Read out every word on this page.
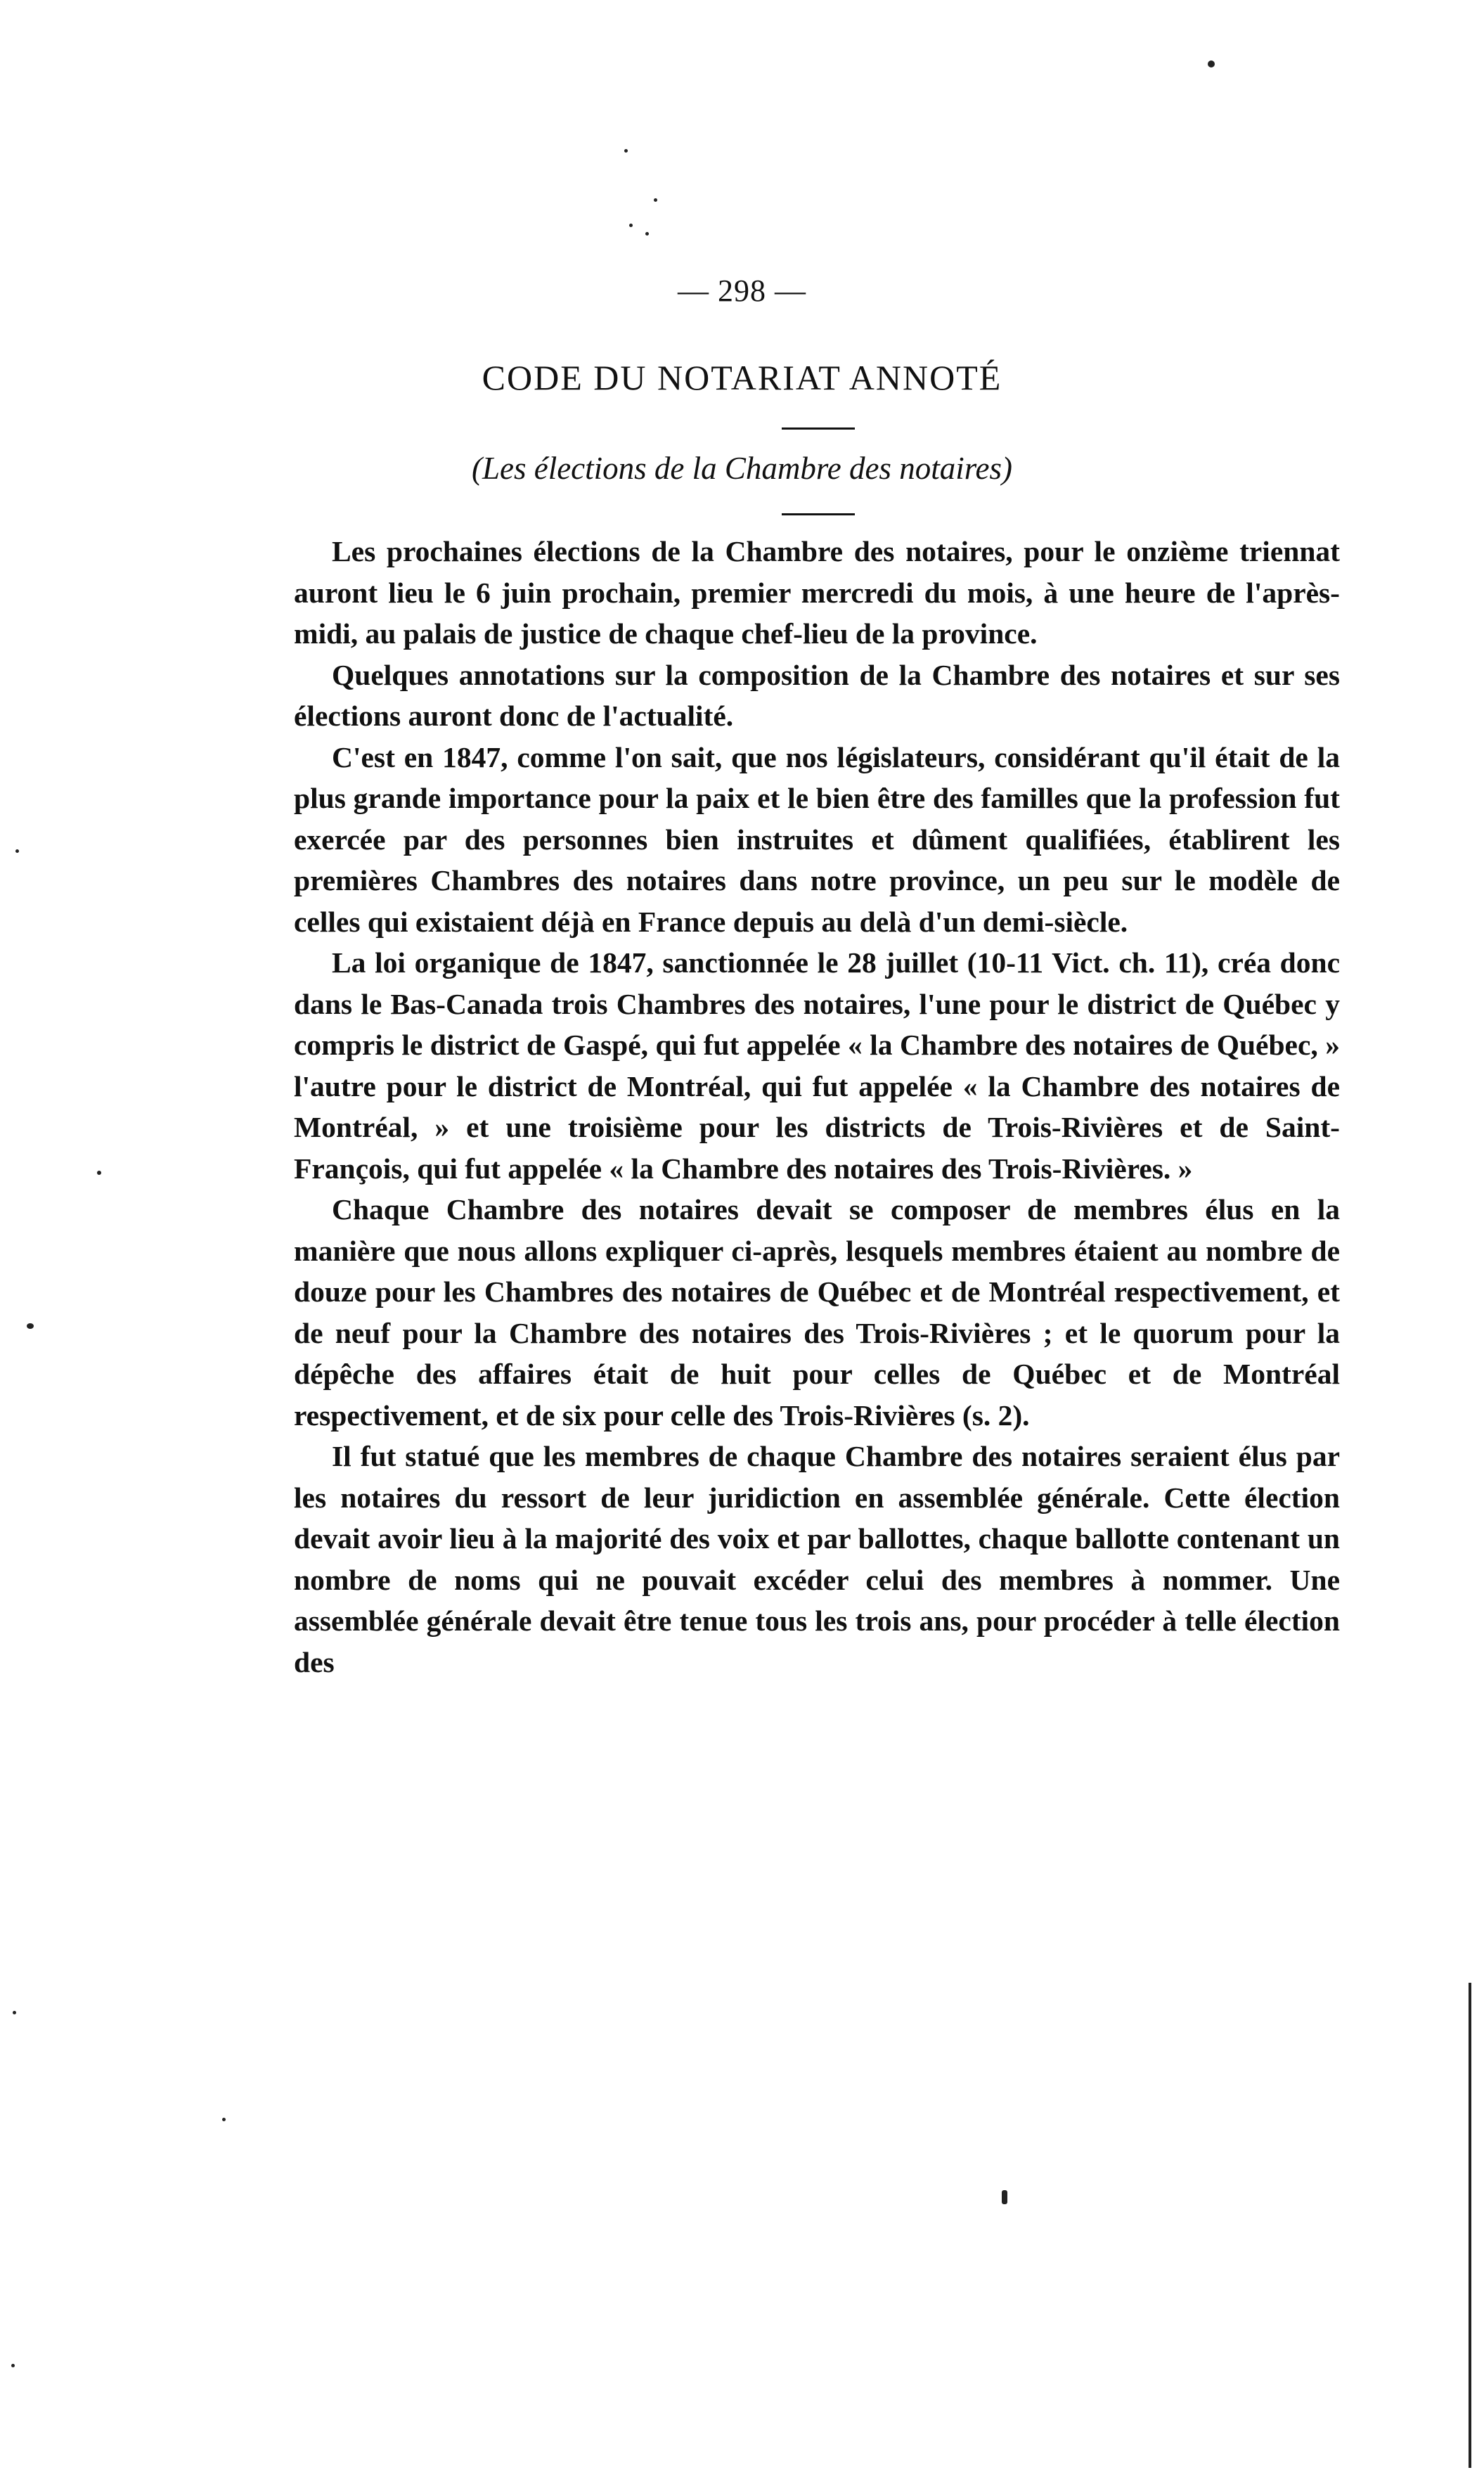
— 298 —
CODE DU NOTARIAT ANNOTÉ
(Les élections de la Chambre des notaires)

Les prochaines élections de la Chambre des notaires, pour le onzième triennat auront lieu le 6 juin prochain, premier mercredi du mois, à une heure de l'après-midi, au palais de justice de chaque chef-lieu de la province.

Quelques annotations sur la composition de la Chambre des notaires et sur ses élections auront donc de l'actualité.

C'est en 1847, comme l'on sait, que nos législateurs, considérant qu'il était de la plus grande importance pour la paix et le bien être des familles que la profession fut exercée par des personnes bien instruites et dûment qualifiées, établirent les premières Chambres des notaires dans notre province, un peu sur le modèle de celles qui existaient déjà en France depuis au delà d'un demi-siècle.

La loi organique de 1847, sanctionnée le 28 juillet (10-11 Vict. ch. 11), créa donc dans le Bas-Canada trois Chambres des notaires, l'une pour le district de Québec y compris le district de Gaspé, qui fut appelée « la Chambre des notaires de Québec, » l'autre pour le district de Montréal, qui fut appelée « la Chambre des notaires de Montréal, » et une troisième pour les districts de Trois-Rivières et de Saint-François, qui fut appelée « la Chambre des notaires des Trois-Rivières. »

Chaque Chambre des notaires devait se composer de membres élus en la manière que nous allons expliquer ci-après, lesquels membres étaient au nombre de douze pour les Chambres des notaires de Québec et de Montréal respectivement, et de neuf pour la Chambre des notaires des Trois-Rivières ; et le quorum pour la dépêche des affaires était de huit pour celles de Québec et de Montréal respectivement, et de six pour celle des Trois-Rivières (s. 2).

Il fut statué que les membres de chaque Chambre des notaires seraient élus par les notaires du ressort de leur juridiction en assemblée générale. Cette élection devait avoir lieu à la majorité des voix et par ballottes, chaque ballotte contenant un nombre de noms qui ne pouvait excéder celui des membres à nommer. Une assemblée générale devait être tenue tous les trois ans, pour procéder à telle élection des
